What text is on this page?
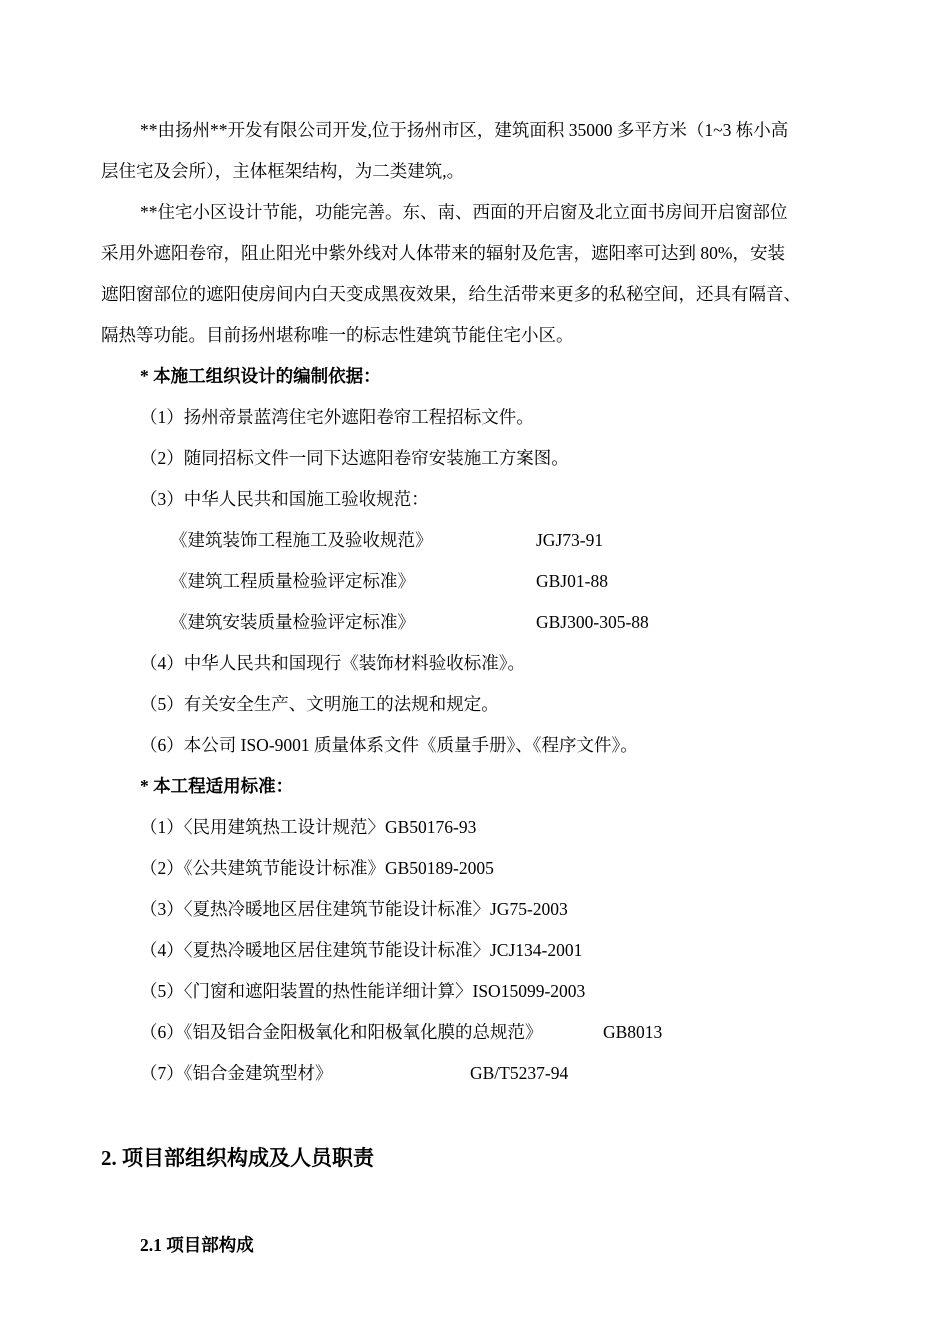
**由扬州**开发有限公司开发,位于扬州市区，建筑面积 35000 多平方米（1~3 栋小高
层住宅及会所），主体框架结构，为二类建筑,。
**住宅小区设计节能，功能完善。东、南、西面的开启窗及北立面书房间开启窗部位
采用外遮阳卷帘，阻止阳光中紫外线对人体带来的辐射及危害，遮阳率可达到 80%，安装
遮阳窗部位的遮阳使房间内白天变成黑夜效果，给生活带来更多的私秘空间，还具有隔音、
隔热等功能。目前扬州堪称唯一的标志性建筑节能住宅小区。
* 本施工组织设计的编制依据：
（1）扬州帝景蓝湾住宅外遮阳卷帘工程招标文件。
（2）随同招标文件一同下达遮阳卷帘安装施工方案图。
（3）中华人民共和国施工验收规范：
《建筑装饰工程施工及验收规范》	JGJ73-91
《建筑工程质量检验评定标准》	GBJ01-88
《建筑安装质量检验评定标准》	GBJ300-305-88
（4）中华人民共和国现行《装饰材料验收标准》。
（5）有关安全生产、文明施工的法规和规定。
（6）本公司 ISO-9001 质量体系文件《质量手册》、《程序文件》。
* 本工程适用标准：
（1）〈民用建筑热工设计规范〉GB50176-93
（2）《公共建筑节能设计标准》GB50189-2005
（3）〈夏热冷暖地区居住建筑节能设计标准〉JG75-2003
（4）〈夏热冷暖地区居住建筑节能设计标准〉JCJ134-2001
（5）〈门窗和遮阳装置的热性能详细计算〉ISO15099-2003
（6）《铝及铝合金阳极氧化和阳极氧化膜的总规范》	GB8013
（7）《铝合金建筑型材》	GB/T5237-94
2. 项目部组织构成及人员职责
2.1 项目部构成
